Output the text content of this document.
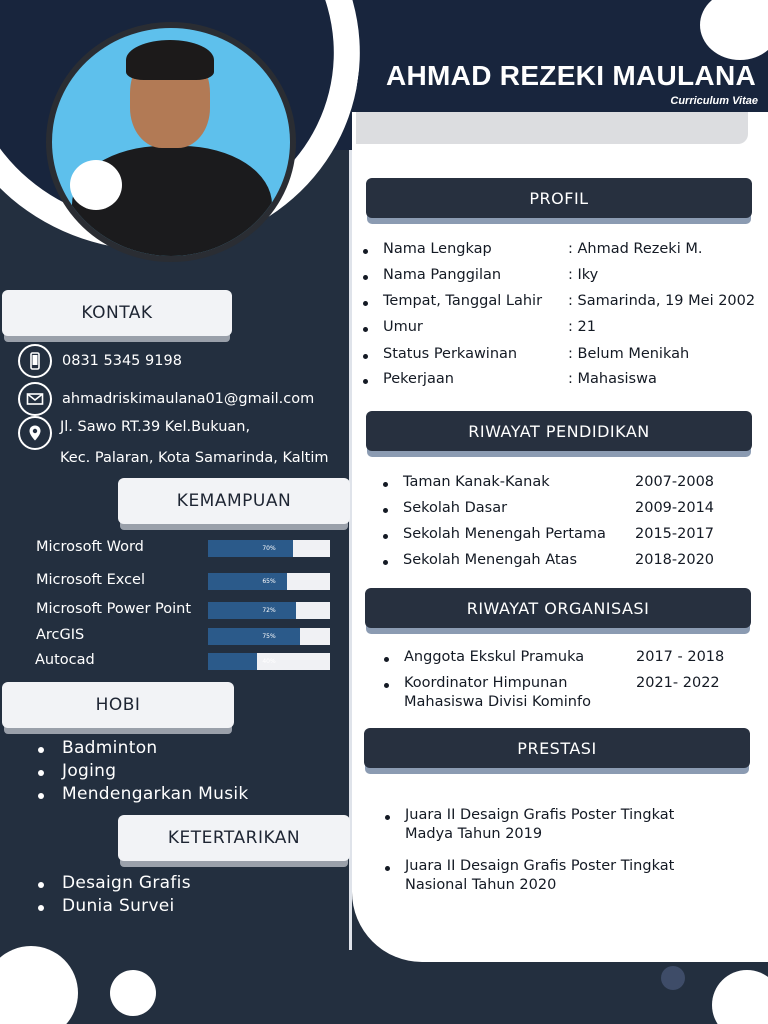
AHMAD REZEKI MAULANA
Curriculum Vitae
KONTAK
0831 5345 9198
ahmadriskimaulana01@gmail.com
Jl. Sawo RT.39 Kel.Bukuan,
Kec. Palaran, Kota Samarinda, Kaltim
KEMAMPUAN
Microsoft Word	70%
Microsoft Excel	65%
Microsoft Power Point	72%
ArcGIS	75%
Autocad	40%
HOBI
Badminton
Joging
Mendengarkan Musik
KETERTARIKAN
Desaign Grafis
Dunia Survei
PROFIL
Nama Lengkap	: Ahmad Rezeki M.
Nama Panggilan	: Iky
Tempat, Tanggal Lahir : Samarinda, 19 Mei 2002
Umur	: 21
Status Perkawinan	: Belum Menikah
Pekerjaan	: Mahasiswa
RIWAYAT PENDIDIKAN
Taman Kanak-Kanak	2007-2008
Sekolah Dasar	2009-2014
Sekolah Menengah Pertama 2015-2017
Sekolah Menengah Atas	2018-2020
RIWAYAT ORGANISASI
Anggota Ekskul Pramuka	2017 - 2018
Koordinator Himpunan
Mahasiswa Divisi Kominfo
2021- 2022
PRESTASI
Juara II Desaign Grafis Poster Tingkat
Madya Tahun 2019
Juara II Desaign Grafis Poster Tingkat
Nasional Tahun 2020
